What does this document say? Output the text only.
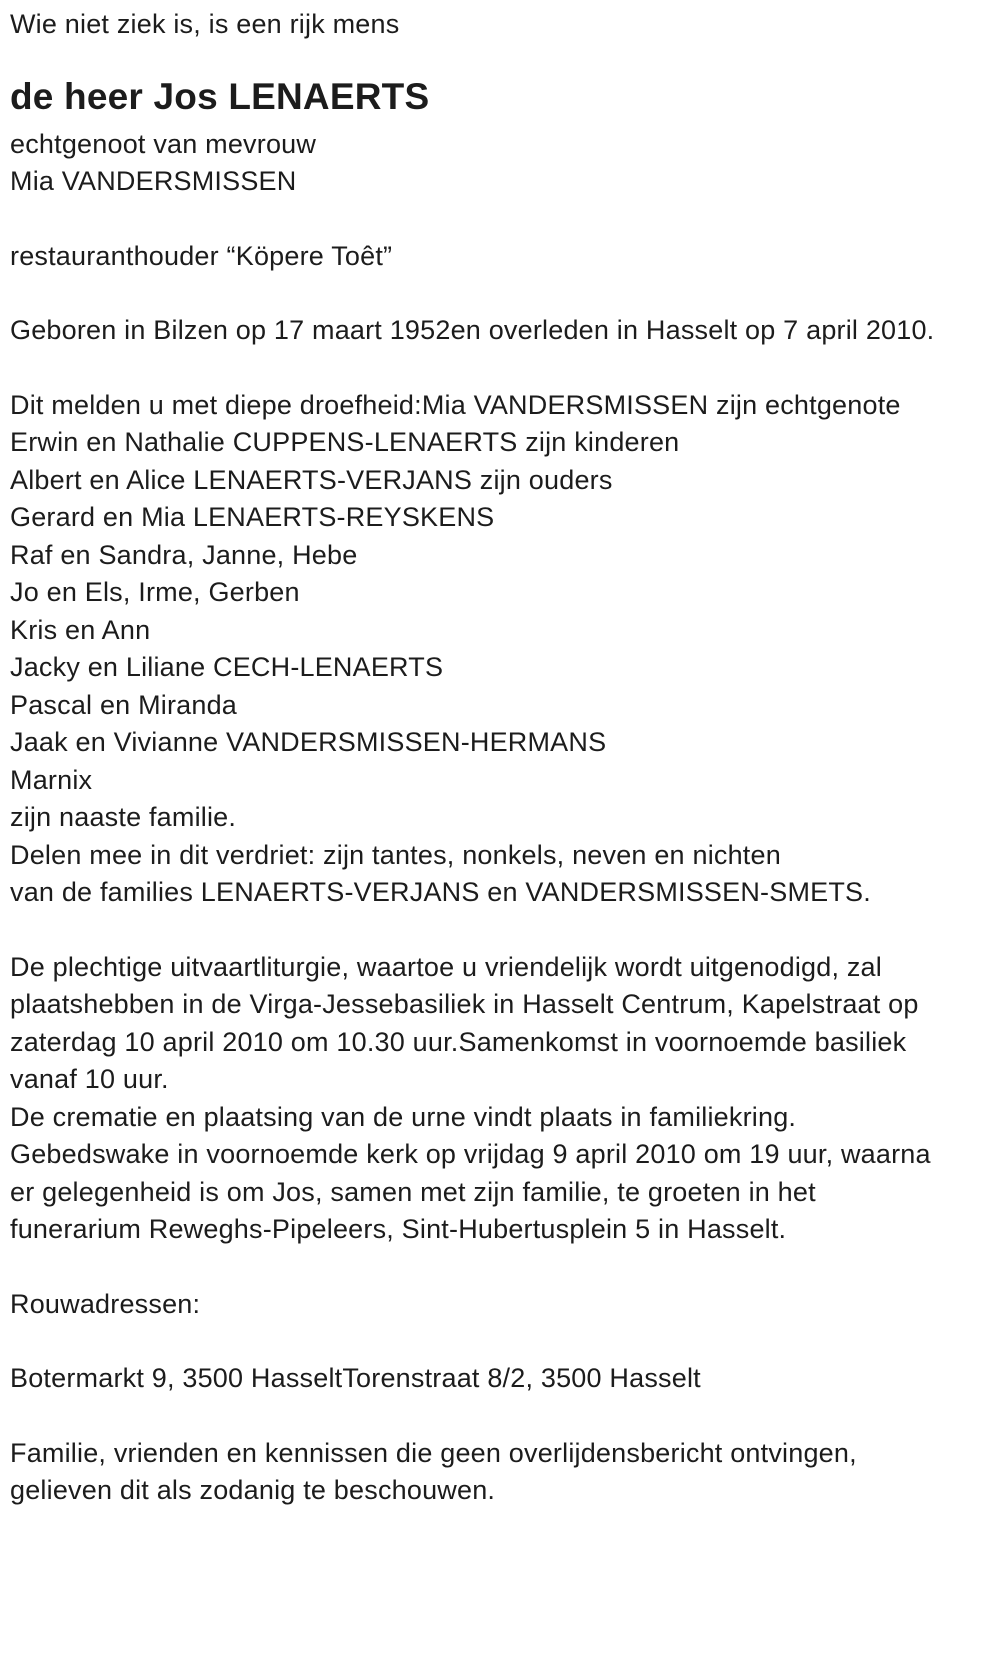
Wie niet ziek is, is een rijk mens
de heer Jos LENAERTS
echtgenoot van mevrouw
Mia VANDERSMISSEN
restauranthouder “Köpere Toêt”
Geboren in Bilzen op 17 maart 1952en overleden in Hasselt op 7 april 2010.
Dit melden u met diepe droefheid:Mia VANDERSMISSEN zijn echtgenote
Erwin en Nathalie CUPPENS-LENAERTS zijn kinderen
Albert en Alice LENAERTS-VERJANS zijn ouders
Gerard en Mia LENAERTS-REYSKENS
Raf en Sandra, Janne, Hebe
Jo en Els, Irme, Gerben
Kris en Ann
Jacky en Liliane CECH-LENAERTS
Pascal en Miranda
Jaak en Vivianne VANDERSMISSEN-HERMANS
Marnix
zijn naaste familie.
Delen mee in dit verdriet: zijn tantes, nonkels, neven en nichten
van de families LENAERTS-VERJANS en VANDERSMISSEN-SMETS.
De plechtige uitvaartliturgie, waartoe u vriendelijk wordt uitgenodigd, zal plaatshebben in de Virga-Jessebasiliek in Hasselt Centrum, Kapelstraat op zaterdag 10 april 2010 om 10.30 uur.Samenkomst in voornoemde basiliek vanaf 10 uur.
De crematie en plaatsing van de urne vindt plaats in familiekring.
Gebedswake in voornoemde kerk op vrijdag 9 april 2010 om 19 uur, waarna er gelegenheid is om Jos, samen met zijn familie, te groeten in het funerarium Reweghs-Pipeleers, Sint-Hubertusplein 5 in Hasselt.
Rouwadressen:
Botermarkt 9, 3500 HasseltTorenstraat 8/2, 3500 Hasselt
Familie, vrienden en kennissen die geen overlijdensbericht ontvingen, gelieven dit als zodanig te beschouwen.
